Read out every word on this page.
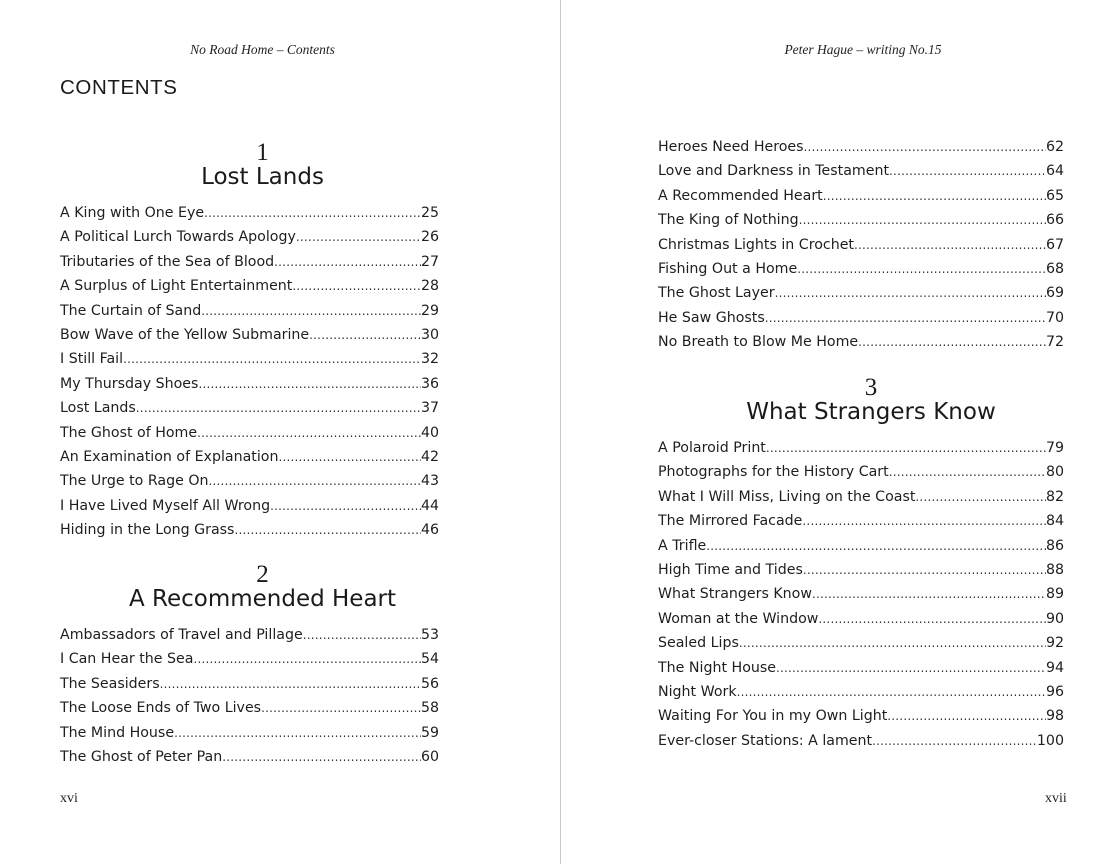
No Road Home – Contents
CONTENTS
1
Lost Lands
A King with One Eye .....	25
A Political Lurch Towards Apology .....	26
Tributaries of the Sea of Blood .....	27
A Surplus of Light Entertainment .....	28
The Curtain of Sand .....	29
Bow Wave of the Yellow Submarine .....	30
I Still Fail .....	32
My Thursday Shoes .....	36
Lost Lands .....	37
The Ghost of Home .....	40
An Examination of Explanation .....	42
The Urge to Rage On .....	43
I Have Lived Myself All Wrong .....	44
Hiding in the Long Grass .....	46
2
A Recommended Heart
Ambassadors of Travel and Pillage .....	53
I Can Hear the Sea .....	54
The Seasiders .....	56
The Loose Ends of Two Lives .....	58
The Mind House .....	59
The Ghost of Peter Pan .....	60
xvi
Peter Hague – writing No.15
Heroes Need Heroes .....	62
Love and Darkness in Testament .....	64
A Recommended Heart .....	65
The King of Nothing .....	66
Christmas Lights in Crochet .....	67
Fishing Out a Home .....	68
The Ghost Layer .....	69
He Saw Ghosts .....	70
No Breath to Blow Me Home .....	72
3
What Strangers Know
A Polaroid Print .....	79
Photographs for the History Cart .....	80
What I Will Miss, Living on the Coast .....	82
The Mirrored Facade .....	84
A Trifle .....	86
High Time and Tides .....	88
What Strangers Know .....	89
Woman at the Window .....	90
Sealed Lips .....	92
The Night House .....	94
Night Work .....	96
Waiting For You in my Own Light .....	98
Ever-closer Stations: A lament .....	100
xvii
